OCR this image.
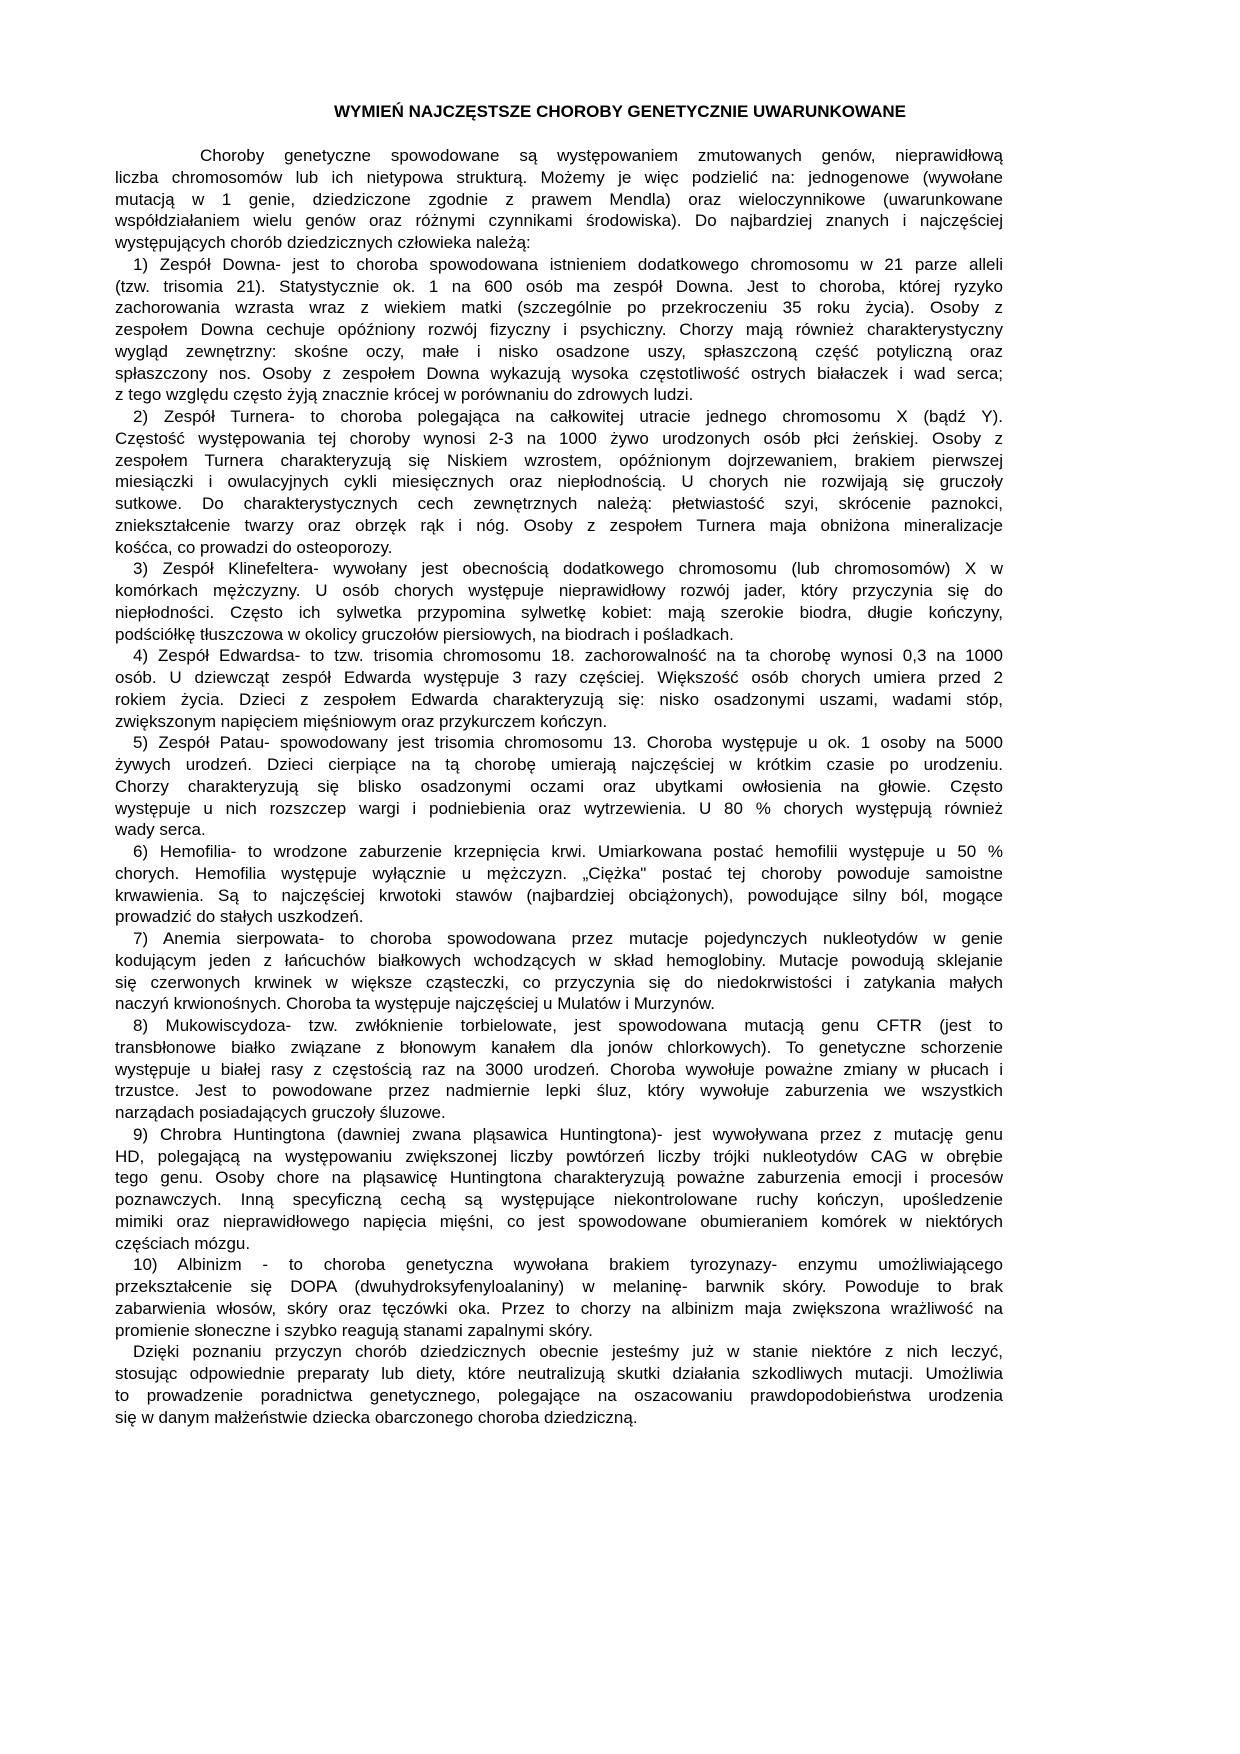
WYMIEŃ NAJCZĘSTSZE CHOROBY GENETYCZNIE UWARUNKOWANE
Choroby genetyczne spowodowane są występowaniem zmutowanych genów, nieprawidłową
liczba chromosomów lub ich nietypowa strukturą. Możemy je więc podzielić na: jednogenowe (wywołane
mutacją w 1 genie, dziedziczone zgodnie z prawem Mendla) oraz wieloczynnikowe (uwarunkowane
współdziałaniem wielu genów oraz różnymi czynnikami środowiska). Do najbardziej znanych i najczęściej
występujących chorób dziedzicznych człowieka należą:
1) Zespół Downa- jest to choroba spowodowana istnieniem dodatkowego chromosomu w 21 parze alleli
(tzw. trisomia 21). Statystycznie ok. 1 na 600 osób ma zespół Downa. Jest to choroba, której ryzyko
zachorowania wzrasta wraz z wiekiem matki (szczególnie po przekroczeniu 35 roku życia). Osoby z
zespołem Downa cechuje opóźniony rozwój fizyczny i psychiczny. Chorzy mają również charakterystyczny
wygląd zewnętrzny: skośne oczy, małe i nisko osadzone uszy, spłaszczoną część potyliczną oraz
spłaszczony nos. Osoby z zespołem Downa wykazują wysoka częstotliwość ostrych białaczek i wad serca;
z tego względu często żyją znacznie krócej w porównaniu do zdrowych ludzi.
2) Zespół Turnera- to choroba polegająca na całkowitej utracie jednego chromosomu X (bądź Y).
Częstość występowania tej choroby wynosi 2-3 na 1000 żywo urodzonych osób płci żeńskiej. Osoby z
zespołem Turnera charakteryzują się Niskiem wzrostem, opóźnionym dojrzewaniem, brakiem pierwszej
miesiączki i owulacyjnych cykli miesięcznych oraz niepłodnością. U chorych nie rozwijają się gruczoły
sutkowe. Do charakterystycznych cech zewnętrznych należą: płetwiastość szyi, skrócenie paznokci,
zniekształcenie twarzy oraz obrzęk rąk i nóg. Osoby z zespołem Turnera maja obniżona mineralizacje
kośćca, co prowadzi do osteoporozy.
3) Zespół Klinefeltera- wywołany jest obecnością dodatkowego chromosomu (lub chromosomów) X w
komórkach mężczyzny. U osób chorych występuje nieprawidłowy rozwój jader, który przyczynia się do
niepłodności. Często ich sylwetka przypomina sylwetkę kobiet: mają szerokie biodra, długie kończyny,
podściółkę tłuszczowa w okolicy gruczołów piersiowych, na biodrach i pośladkach.
4) Zespół Edwardsa- to tzw. trisomia chromosomu 18. zachorowalność na ta chorobę wynosi 0,3 na 1000
osób. U dziewcząt zespół Edwarda występuje 3 razy częściej. Większość osób chorych umiera przed 2
rokiem życia. Dzieci z zespołem Edwarda charakteryzują się: nisko osadzonymi uszami, wadami stóp,
zwiększonym napięciem mięśniowym oraz przykurczem kończyn.
5) Zespół Patau- spowodowany jest trisomia chromosomu 13. Choroba występuje u ok. 1 osoby na 5000
żywych urodzeń. Dzieci cierpiące na tą chorobę umierają najczęściej w krótkim czasie po urodzeniu.
Chorzy charakteryzują się blisko osadzonymi oczami oraz ubytkami owłosienia na głowie. Często
występuje u nich rozszczep wargi i podniebienia oraz wytrzewienia. U 80 % chorych występują również
wady serca.
6) Hemofilia- to wrodzone zaburzenie krzepnięcia krwi. Umiarkowana postać hemofilii występuje u 50 %
chorych. Hemofilia występuje wyłącznie u mężczyzn. „Ciężka" postać tej choroby powoduje samoistne
krwawienia. Są to najczęściej krwotoki stawów (najbardziej obciążonych), powodujące silny ból, mogące
prowadzić do stałych uszkodzeń.
7) Anemia sierpowata- to choroba spowodowana przez mutacje pojedynczych nukleotydów w genie
kodującym jeden z łańcuchów białkowych wchodzących w skład hemoglobiny. Mutacje powodują sklejanie
się czerwonych krwinek w większe cząsteczki, co przyczynia się do niedokrwistości i zatykania małych
naczyń krwionośnych. Choroba ta występuje najczęściej u Mulatów i Murzynów.
8) Mukowiscydoza- tzw. zwłóknienie torbielowate, jest spowodowana mutacją genu CFTR (jest to
transbłonowe białko związane z błonowym kanałem dla jonów chlorkowych). To genetyczne schorzenie
występuje u białej rasy z częstością raz na 3000 urodzeń. Choroba wywołuje poważne zmiany w płucach i
trzustce. Jest to powodowane przez nadmiernie lepki śluz, który wywołuje zaburzenia we wszystkich
narządach posiadających gruczoły śluzowe.
9) Chrobra Huntingtona (dawniej zwana pląsawica Huntingtona)- jest wywoływana przez z mutację genu
HD, polegającą na występowaniu zwiększonej liczby powtórzeń liczby trójki nukleotydów CAG w obrębie
tego genu. Osoby chore na pląsawicę Huntingtona charakteryzują poważne zaburzenia emocji i procesów
poznawczych. Inną specyficzną cechą są występujące niekontrolowane ruchy kończyn, upośledzenie
mimiki oraz nieprawidłowego napięcia mięśni, co jest spowodowane obumieraniem komórek w niektórych
częściach mózgu.
10) Albinizm - to choroba genetyczna wywołana brakiem tyrozynazy- enzymu umożliwiającego
przekształcenie się DOPA (dwuhydroksyfenyloalaniny) w melaninę- barwnik skóry. Powoduje to brak
zabarwienia włosów, skóry oraz tęczówki oka. Przez to chorzy na albinizm maja zwiększona wrażliwość na
promienie słoneczne i szybko reagują stanami zapalnymi skóry.
Dzięki poznaniu przyczyn chorób dziedzicznych obecnie jesteśmy już w stanie niektóre z nich leczyć,
stosując odpowiednie preparaty lub diety, które neutralizują skutki działania szkodliwych mutacji. Umożliwia
to prowadzenie poradnictwa genetycznego, polegające na oszacowaniu prawdopodobieństwa urodzenia
się w danym małżeństwie dziecka obarczonego choroba dziedziczną.
